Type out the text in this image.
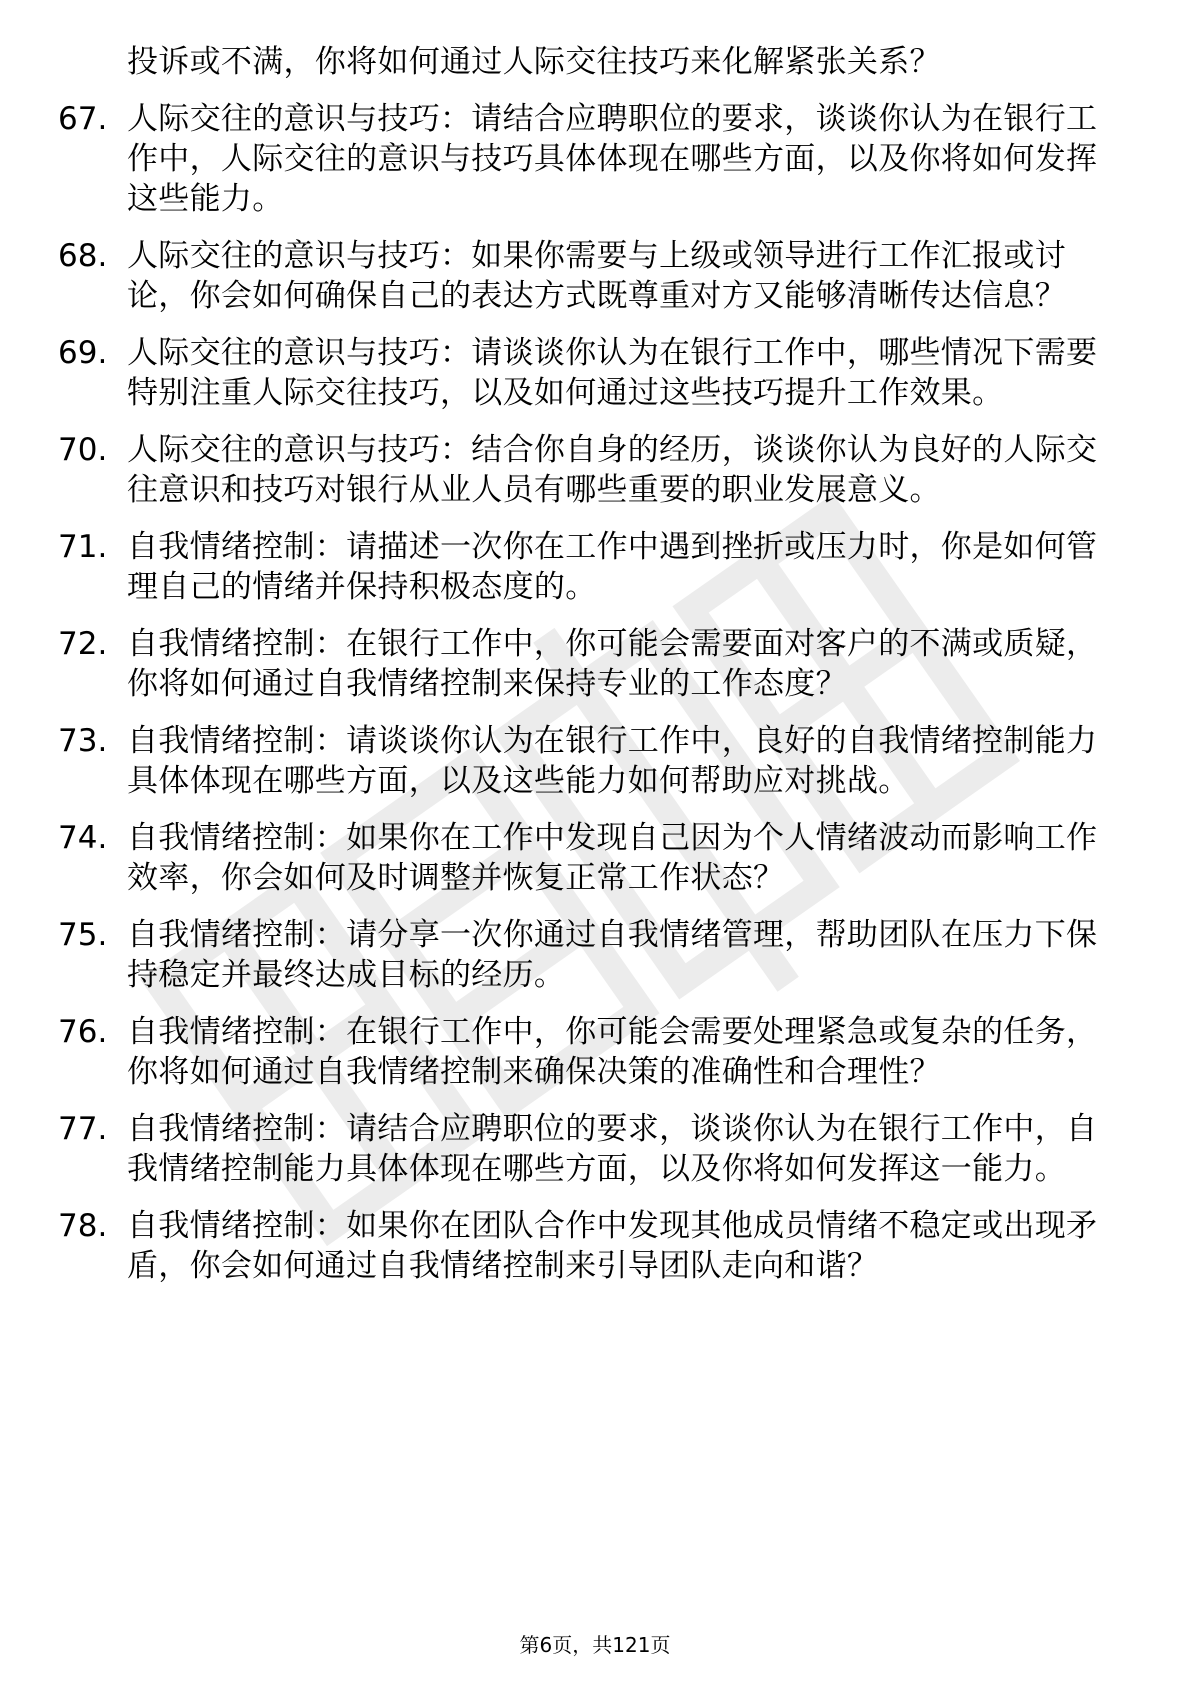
投诉或不满，你将如何通过人际交往技巧来化解紧张关系？
67. 人际交往的意识与技巧：请结合应聘职位的要求，谈谈你认为在银行工作中，人际交往的意识与技巧具体体现在哪些方面，以及你将如何发挥这些能力。
68. 人际交往的意识与技巧：如果你需要与上级或领导进行工作汇报或讨论，你会如何确保自己的表达方式既尊重对方又能够清晰传达信息？
69. 人际交往的意识与技巧：请谈谈你认为在银行工作中，哪些情况下需要特别注重人际交往技巧，以及如何通过这些技巧提升工作效果。
70. 人际交往的意识与技巧：结合你自身的经历，谈谈你认为良好的人际交往意识和技巧对银行从业人员有哪些重要的职业发展意义。
71. 自我情绪控制：请描述一次你在工作中遇到挫折或压力时，你是如何管理自己的情绪并保持积极态度的。
72. 自我情绪控制：在银行工作中，你可能会需要面对客户的不满或质疑，你将如何通过自我情绪控制来保持专业的工作态度？
73. 自我情绪控制：请谈谈你认为在银行工作中，良好的自我情绪控制能力具体体现在哪些方面，以及这些能力如何帮助应对挑战。
74. 自我情绪控制：如果你在工作中发现自己因为个人情绪波动而影响工作效率，你会如何及时调整并恢复正常工作状态？
75. 自我情绪控制：请分享一次你通过自我情绪管理，帮助团队在压力下保持稳定并最终达成目标的经历。
76. 自我情绪控制：在银行工作中，你可能会需要处理紧急或复杂的任务，你将如何通过自我情绪控制来确保决策的准确性和合理性？
77. 自我情绪控制：请结合应聘职位的要求，谈谈你认为在银行工作中，自我情绪控制能力具体体现在哪些方面，以及你将如何发挥这一能力。
78. 自我情绪控制：如果你在团队合作中发现其他成员情绪不稳定或出现矛盾，你会如何通过自我情绪控制来引导团队走向和谐？
第6页，共121页
